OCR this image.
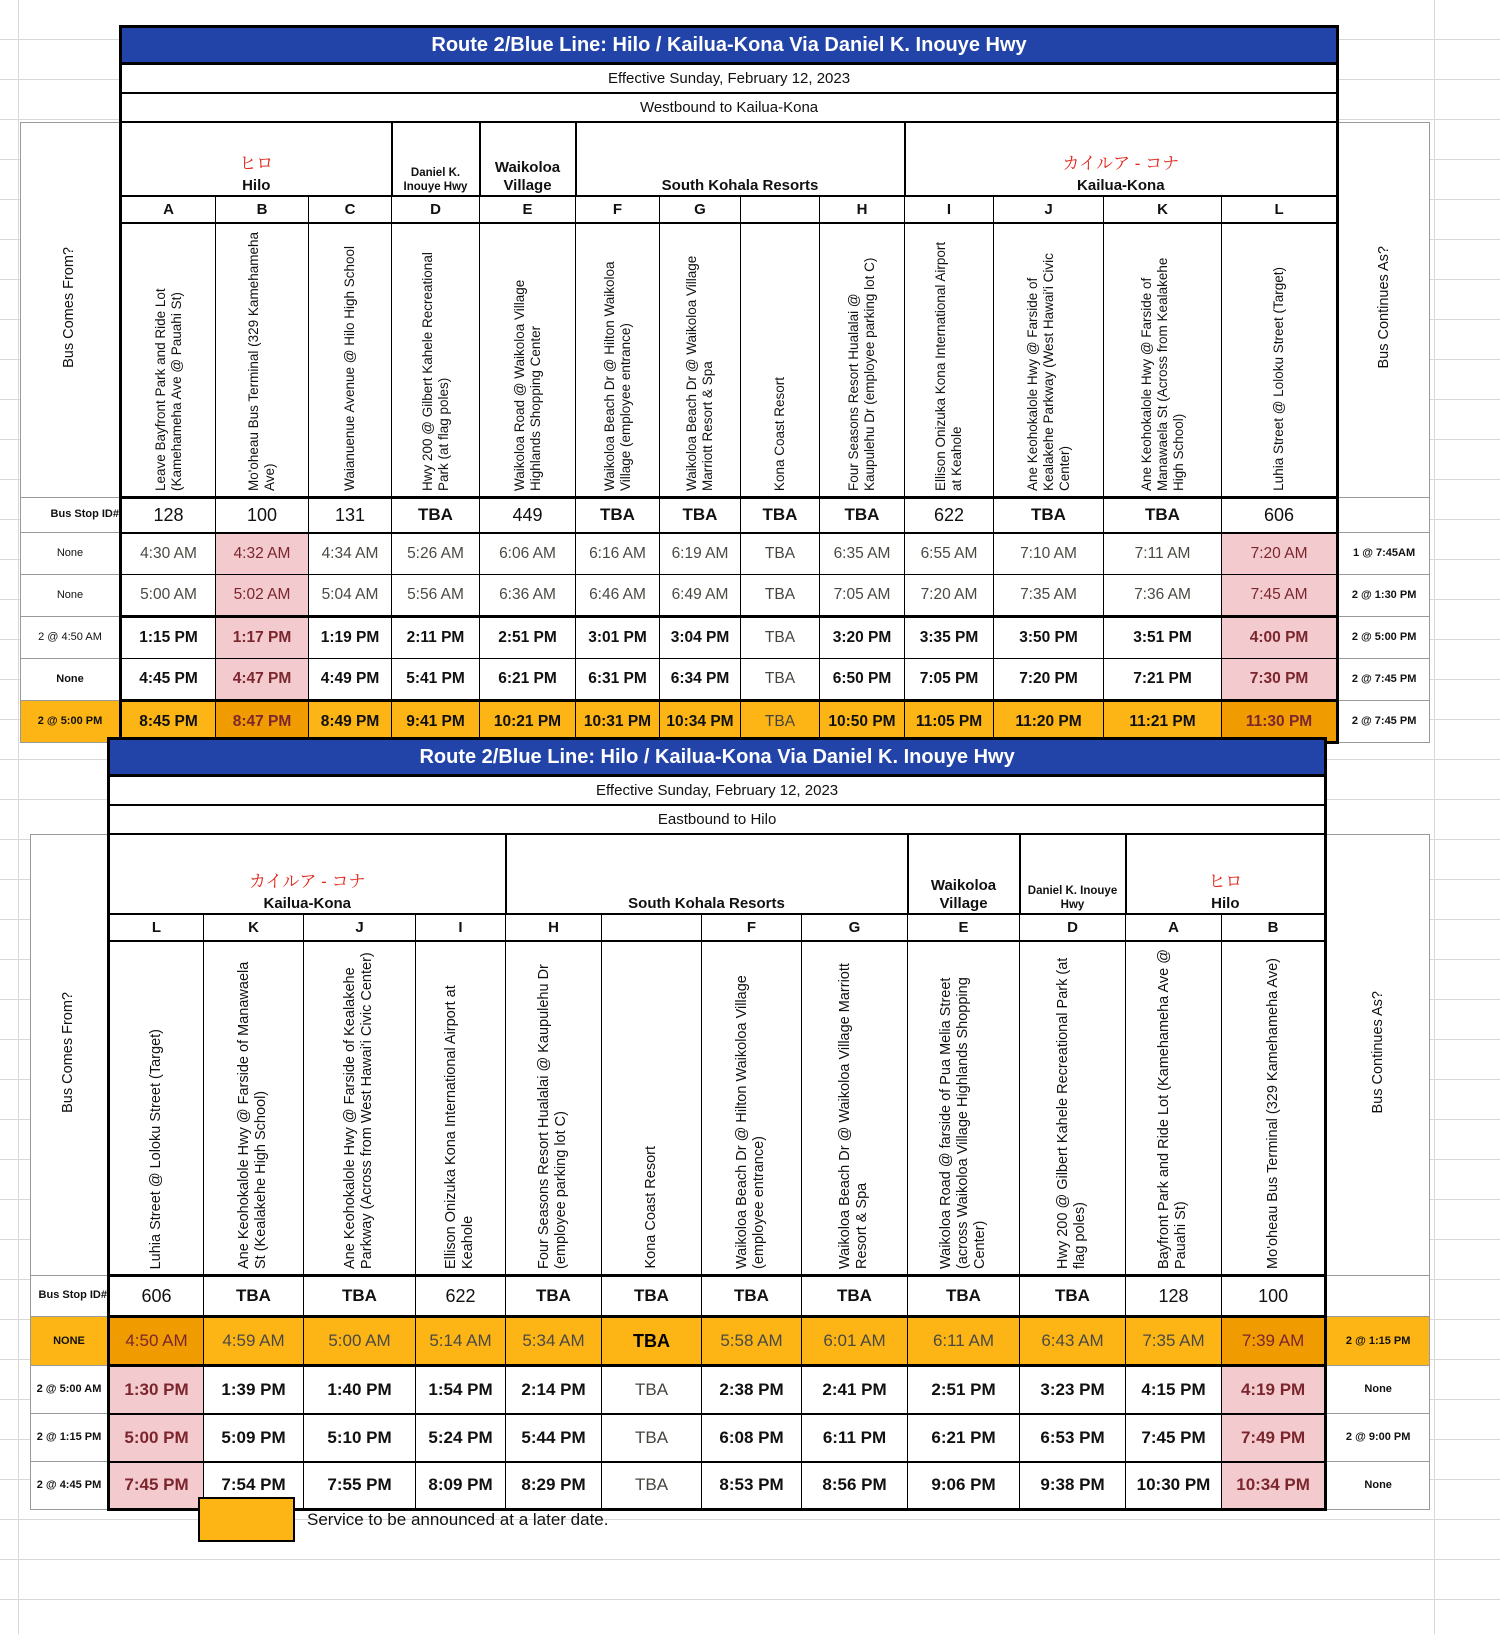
	Route 2/Blue Line: Hilo / Kailua-Kona Via Daniel K. Inouye Hwy													
	Effective Sunday, February 12, 2023													
	Westbound to Kailua-Kona													
Bus Comes From?	
ヒロ
Hilo

Daniel K. Inouye Hwy

Waikoloa Village	South Kohala Resorts

カイルア - コナ
Kailua-Kona
	Bus Continues As?
	A	B	C	D	E	F	G		H	I	J	K	L	
	Leave Bayfront Park and Ride Lot (Kamehameha Ave @ Pauahi St)	Mo'oheau Bus Terminal (329 Kamehameha Ave)	Waianuenue Avenue @ Hilo High School	Hwy 200 @ Gilbert Kahele Recreational Park (at flag poles)	Waikoloa Road @ Waikoloa Village Highlands Shopping Center	Waikoloa Beach Dr @ Hilton Waikoloa Village (employee entrance)	Waikoloa Beach Dr @ Waikoloa Village Marriott Resort & Spa	Kona Coast Resort	Four Seasons Resort Hualalai @ Kaupulehu Dr (employee parking lot C)	Ellison Onizuka Kona International Airport at Keahole	Ane Keohokalole Hwy @ Farside of Kealakehe Parkway (West Hawai'i Civic Center)	Ane Keohokalole Hwy @ Farside of Manawaela St (Across from Kealakehe High School)	Luhia Street @ Loloku Street (Target)	
Bus Stop ID#	128	100	131	TBA	449	TBA	TBA	TBA	TBA	622	TBA	TBA	606	
None	4:30 AM	4:32 AM	4:34 AM	5:26 AM	6:06 AM	6:16 AM	6:19 AM	TBA	6:35 AM	6:55 AM	7:10 AM	7:11 AM	7:20 AM	1 @ 7:45AM
None	5:00 AM	5:02 AM	5:04 AM	5:56 AM	6:36 AM	6:46 AM	6:49 AM	TBA	7:05 AM	7:20 AM	7:35 AM	7:36 AM	7:45 AM	2 @ 1:30 PM
2 @ 4:50 AM	1:15 PM	1:17 PM	1:19 PM	2:11 PM	2:51 PM	3:01 PM	3:04 PM	TBA	3:20 PM	3:35 PM	3:50 PM	3:51 PM	4:00 PM	2 @ 5:00 PM
None	4:45 PM	4:47 PM	4:49 PM	5:41 PM	6:21 PM	6:31 PM	6:34 PM	TBA	6:50 PM	7:05 PM	7:20 PM	7:21 PM	7:30 PM	2 @ 7:45 PM
2 @ 5:00 PM	8:45 PM	8:47 PM	8:49 PM	9:41 PM	10:21 PM	10:31 PM	10:34 PM	TBA	10:50 PM	11:05 PM	11:20 PM	11:21 PM	11:30 PM	2 @ 7:45 PM
	Route 2/Blue Line: Hilo / Kailua-Kona Via Daniel K. Inouye Hwy												
	Effective Sunday, February 12, 2023												
	Eastbound to Hilo												
Bus Comes From?	
カイルア - コナ
Kailua-Kona	South Kohala Resorts

Waikoloa Village

Daniel K. Inouye Hwy

ヒロ
Hilo
	Bus Continues As?
	L	K	J	I	H		F	G	E	D	A	B	
	Luhia Street @ Loloku Street (Target)	Ane Keohokalole Hwy @ Farside of Manawaela St (Kealakehe High School)	Ane Keohokalole Hwy @ Farside of Kealakehe Parkway (Across from West Hawai'i Civic Center)	Ellison Onizuka Kona International Airport at Keahole	Four Seasons Resort Hualalai @ Kaupulehu Dr (employee parking lot C)	Kona Coast Resort	Waikoloa Beach Dr @ Hilton Waikoloa Village (employee entrance)	Waikoloa Beach Dr @ Waikoloa Village Marriott Resort & Spa	Waikoloa Road @ farside of Pua Melia Street (across Waikoloa Village Highlands Shopping Center)	Hwy 200 @ Gilbert Kahele Recreational Park (at flag poles)	Bayfront Park and Ride Lot (Kamehameha Ave @ Pauahi St)	Mo'oheau Bus Terminal (329 Kamehameha Ave)	
Bus Stop ID#	606	TBA	TBA	622	TBA	TBA	TBA	TBA	TBA	TBA	128	100	
NONE	4:50 AM	4:59 AM	5:00 AM	5:14 AM	5:34 AM	TBA	5:58 AM	6:01 AM	6:11 AM	6:43 AM	7:35 AM	7:39 AM	2 @ 1:15 PM
2 @ 5:00 AM	1:30 PM	1:39 PM	1:40 PM	1:54 PM	2:14 PM	TBA	2:38 PM	2:41 PM	2:51 PM	3:23 PM	4:15 PM	4:19 PM	None
2 @ 1:15 PM	5:00 PM	5:09 PM	5:10 PM	5:24 PM	5:44 PM	TBA	6:08 PM	6:11 PM	6:21 PM	6:53 PM	7:45 PM	7:49 PM	2 @ 9:00 PM
2 @ 4:45 PM	7:45 PM	7:54 PM	7:55 PM	8:09 PM	8:29 PM	TBA	8:53 PM	8:56 PM	9:06 PM	9:38 PM	10:30 PM	10:34 PM	None
Service to be announced at a later date.
